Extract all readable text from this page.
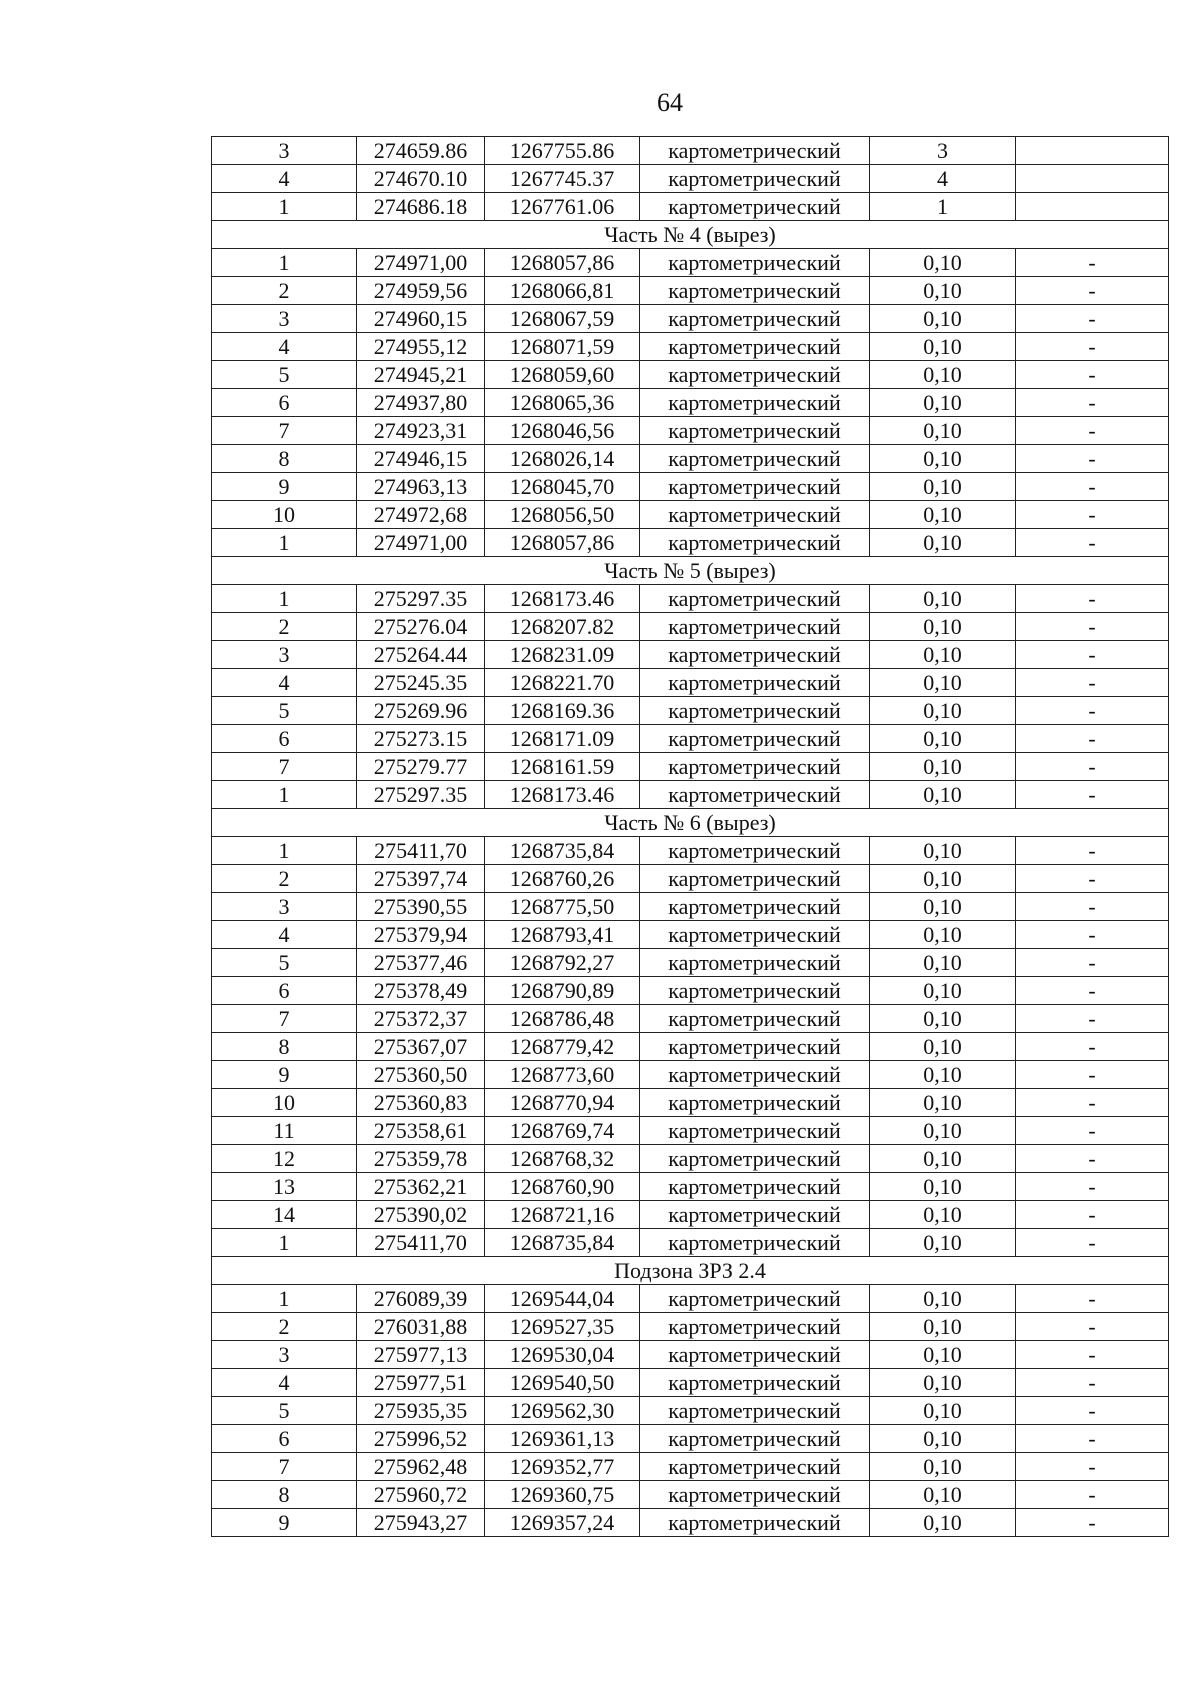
64
3	274659.86	1267755.86	картометрический	3	
4	274670.10	1267745.37	картометрический	4	
1	274686.18	1267761.06	картометрический	1	
Часть № 4 (вырез)					
1	274971,00	1268057,86	картометрический	0,10	-
2	274959,56	1268066,81	картометрический	0,10	-
3	274960,15	1268067,59	картометрический	0,10	-
4	274955,12	1268071,59	картометрический	0,10	-
5	274945,21	1268059,60	картометрический	0,10	-
6	274937,80	1268065,36	картометрический	0,10	-
7	274923,31	1268046,56	картометрический	0,10	-
8	274946,15	1268026,14	картометрический	0,10	-
9	274963,13	1268045,70	картометрический	0,10	-
10	274972,68	1268056,50	картометрический	0,10	-
1	274971,00	1268057,86	картометрический	0,10	-
Часть № 5 (вырез)					
1	275297.35	1268173.46	картометрический	0,10	-
2	275276.04	1268207.82	картометрический	0,10	-
3	275264.44	1268231.09	картометрический	0,10	-
4	275245.35	1268221.70	картометрический	0,10	-
5	275269.96	1268169.36	картометрический	0,10	-
6	275273.15	1268171.09	картометрический	0,10	-
7	275279.77	1268161.59	картометрический	0,10	-
1	275297.35	1268173.46	картометрический	0,10	-
Часть № 6 (вырез)					
1	275411,70	1268735,84	картометрический	0,10	-
2	275397,74	1268760,26	картометрический	0,10	-
3	275390,55	1268775,50	картометрический	0,10	-
4	275379,94	1268793,41	картометрический	0,10	-
5	275377,46	1268792,27	картометрический	0,10	-
6	275378,49	1268790,89	картометрический	0,10	-
7	275372,37	1268786,48	картометрический	0,10	-
8	275367,07	1268779,42	картометрический	0,10	-
9	275360,50	1268773,60	картометрический	0,10	-
10	275360,83	1268770,94	картометрический	0,10	-
11	275358,61	1268769,74	картометрический	0,10	-
12	275359,78	1268768,32	картометрический	0,10	-
13	275362,21	1268760,90	картометрический	0,10	-
14	275390,02	1268721,16	картометрический	0,10	-
1	275411,70	1268735,84	картометрический	0,10	-
Подзона ЗРЗ 2.4					
1	276089,39	1269544,04	картометрический	0,10	-
2	276031,88	1269527,35	картометрический	0,10	-
3	275977,13	1269530,04	картометрический	0,10	-
4	275977,51	1269540,50	картометрический	0,10	-
5	275935,35	1269562,30	картометрический	0,10	-
6	275996,52	1269361,13	картометрический	0,10	-
7	275962,48	1269352,77	картометрический	0,10	-
8	275960,72	1269360,75	картометрический	0,10	-
9	275943,27	1269357,24	картометрический	0,10	-
